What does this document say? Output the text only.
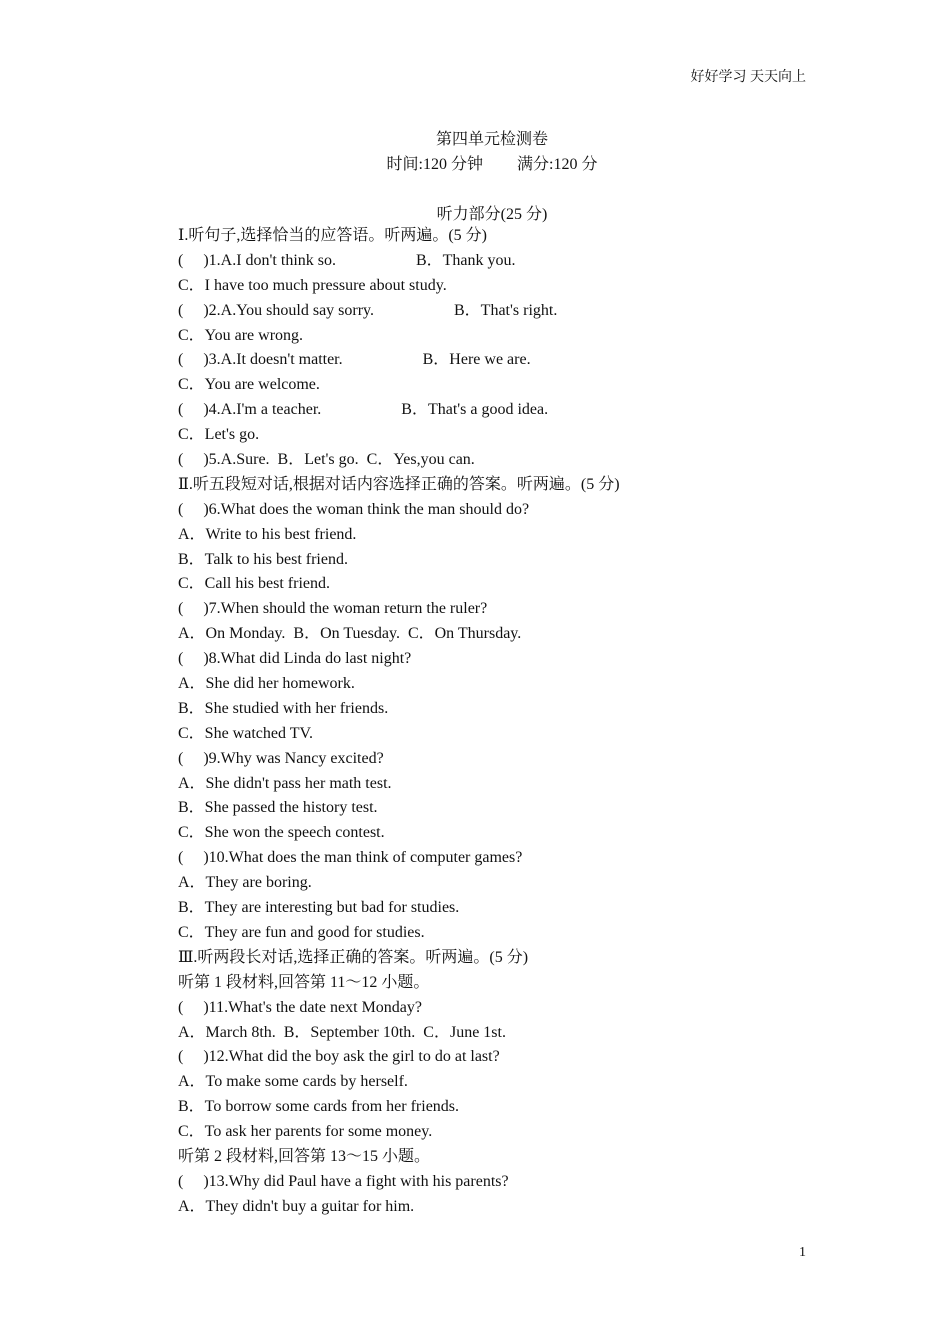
好好学习 天天向上
第四单元检测卷
时间:120 分钟 满分:120 分
听力部分(25 分)
Ⅰ.听句子,选择恰当的应答语。听两遍。(5 分)
(　 )1.A.I don't think so.　　　　　B．Thank you.
C．I have too much pressure about study.
(　 )2.A.You should say sorry.　　　　　B．That's right.
C．You are wrong.
(　 )3.A.It doesn't matter.　　　　　B．Here we are.
C．You are welcome.
(　 )4.A.I'm a teacher.　　　　　B．That's a good idea.
C．Let's go.
(　 )5.A.Sure.  B．Let's go.  C．Yes,you can.
Ⅱ.听五段短对话,根据对话内容选择正确的答案。听两遍。(5 分)
(　 )6.What does the woman think the man should do?
A．Write to his best friend.
B．Talk to his best friend.
C．Call his best friend.
(　 )7.When should the woman return the ruler?
A．On Monday.  B．On Tuesday.  C．On Thursday.
(　 )8.What did Linda do last night?
A．She did her homework.
B．She studied with her friends.
C．She watched TV.
(　 )9.Why was Nancy excited?
A．She didn't pass her math test.
B．She passed the history test.
C．She won the speech contest.
(　 )10.What does the man think of computer games?
A．They are boring.
B．They are interesting but bad for studies.
C．They are fun and good for studies.
Ⅲ.听两段长对话,选择正确的答案。听两遍。(5 分)
听第 1 段材料,回答第 11～12 小题。
(　 )11.What's the date next Monday?
A．March 8th.  B．September 10th.  C．June 1st.
(　 )12.What did the boy ask the girl to do at last?
A．To make some cards by herself.
B．To borrow some cards from her friends.
C．To ask her parents for some money.
听第 2 段材料,回答第 13～15 小题。
(　 )13.Why did Paul have a fight with his parents?
A．They didn't buy a guitar for him.
1
